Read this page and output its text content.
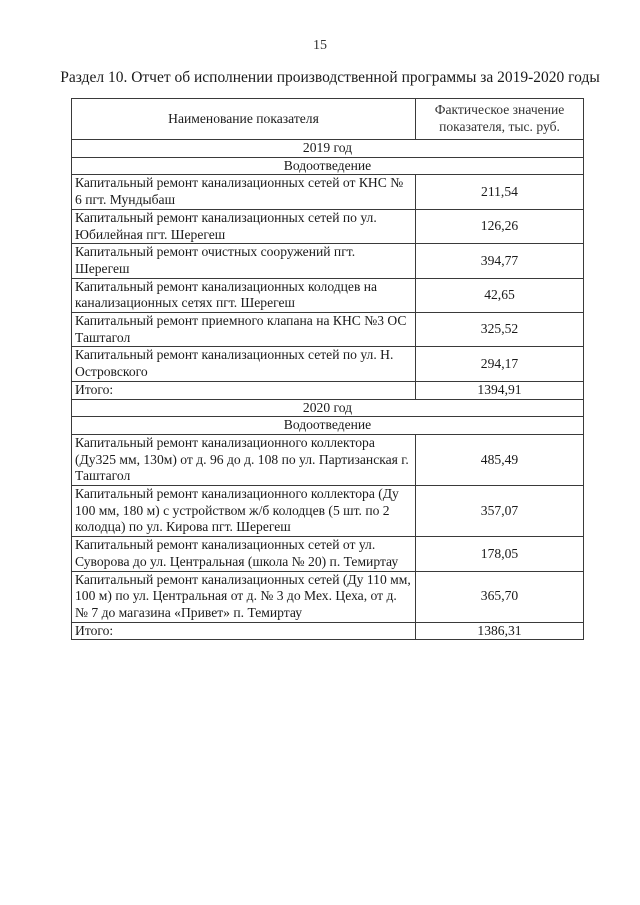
15
Раздел 10. Отчет об исполнении производственной программы за 2019-2020 годы
Наименование показателя	Фактическое значение показателя, тыс. руб.
2019 год	
Водоотведение	
Капитальный ремонт канализационных сетей от КНС № 6 пгт. Мундыбаш	211,54
Капитальный ремонт канализационных сетей по ул. Юбилейная пгт. Шерегеш	126,26
Капитальный ремонт очистных сооружений пгт. Шерегеш	394,77
Капитальный ремонт канализационных колодцев на канализационных сетях пгт. Шерегеш	42,65
Капитальный ремонт приемного клапана на КНС №3 ОС Таштагол	325,52
Капитальный ремонт канализационных сетей по ул. Н. Островского	294,17
Итого:	1394,91
2020 год	
Водоотведение	
Капитальный ремонт канализационного коллектора (Ду325 мм, 130м) от д. 96 до д. 108 по ул. Партизанская г. Таштагол	485,49
Капитальный ремонт канализационного коллектора (Ду 100 мм, 180 м) с устройством ж/б колодцев (5 шт. по 2 колодца) по ул. Кирова пгт. Шерегеш	357,07
Капитальный ремонт канализационных сетей от ул. Суворова до ул. Центральная (школа № 20) п. Темиртау	178,05
Капитальный ремонт канализационных сетей (Ду 110 мм, 100 м) по ул. Центральная от д. № 3 до Мех. Цеха, от д. № 7 до магазина «Привет» п. Темиртау	365,70
Итого:	1386,31
